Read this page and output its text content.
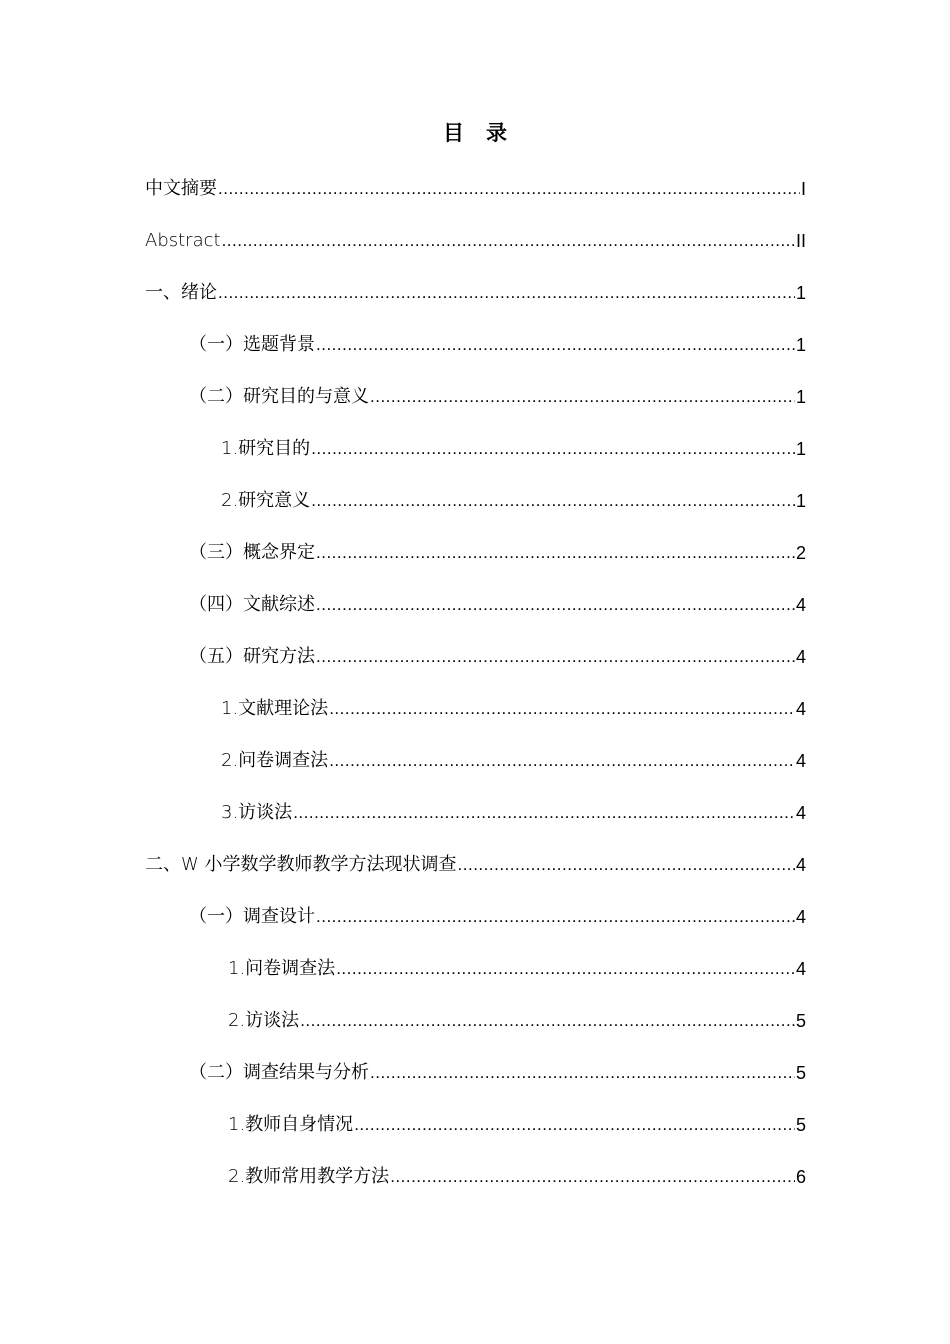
目 录
中文摘要 .....	I
Abstract .....	II
一、绪论 .....	1
（一）选题背景 .....	1
（二）研究目的与意义 .....	1
1.研究目的 .....	1
2.研究意义 .....	1
（三）概念界定 .....	2
（四）文献综述 .....	4
（五）研究方法 .....	4
1.文献理论法 .....	4
2.问卷调查法 .....	4
3.访谈法 .....	4
二、W 小学数学教师教学方法现状调查 .....	4
（一）调查设计 .....	4
1.问卷调查法 .....	4
2.访谈法 .....	5
（二）调查结果与分析 .....	5
1.教师自身情况 .....	5
2.教师常用教学方法 .....	6
